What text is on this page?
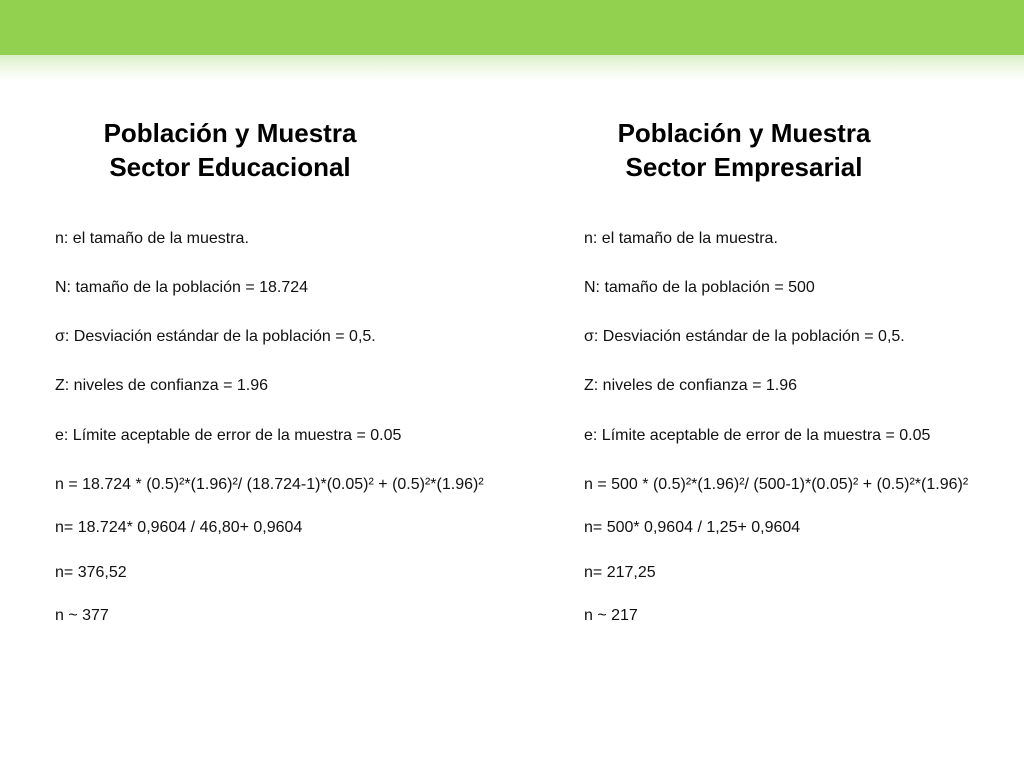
Población y Muestra
Sector Educacional
n: el tamaño de la muestra.
N: tamaño de la población = 18.724
σ: Desviación estándar de la población = 0,5.
Z: niveles de confianza = 1.96
e: Límite aceptable de error de la muestra = 0.05
n = 18.724 * (0.5)²*(1.96)²/ (18.724-1)*(0.05)² + (0.5)²*(1.96)²
n= 18.724* 0,9604 / 46,80+ 0,9604
n= 376,52
n ~ 377
Población y Muestra
Sector Empresarial
n: el tamaño de la muestra.
N: tamaño de la población = 500
σ: Desviación estándar de la población = 0,5.
Z: niveles de confianza = 1.96
e: Límite aceptable de error de la muestra = 0.05
n = 500 * (0.5)²*(1.96)²/ (500-1)*(0.05)² + (0.5)²*(1.96)²
n= 500* 0,9604 / 1,25+ 0,9604
n= 217,25
n ~ 217
